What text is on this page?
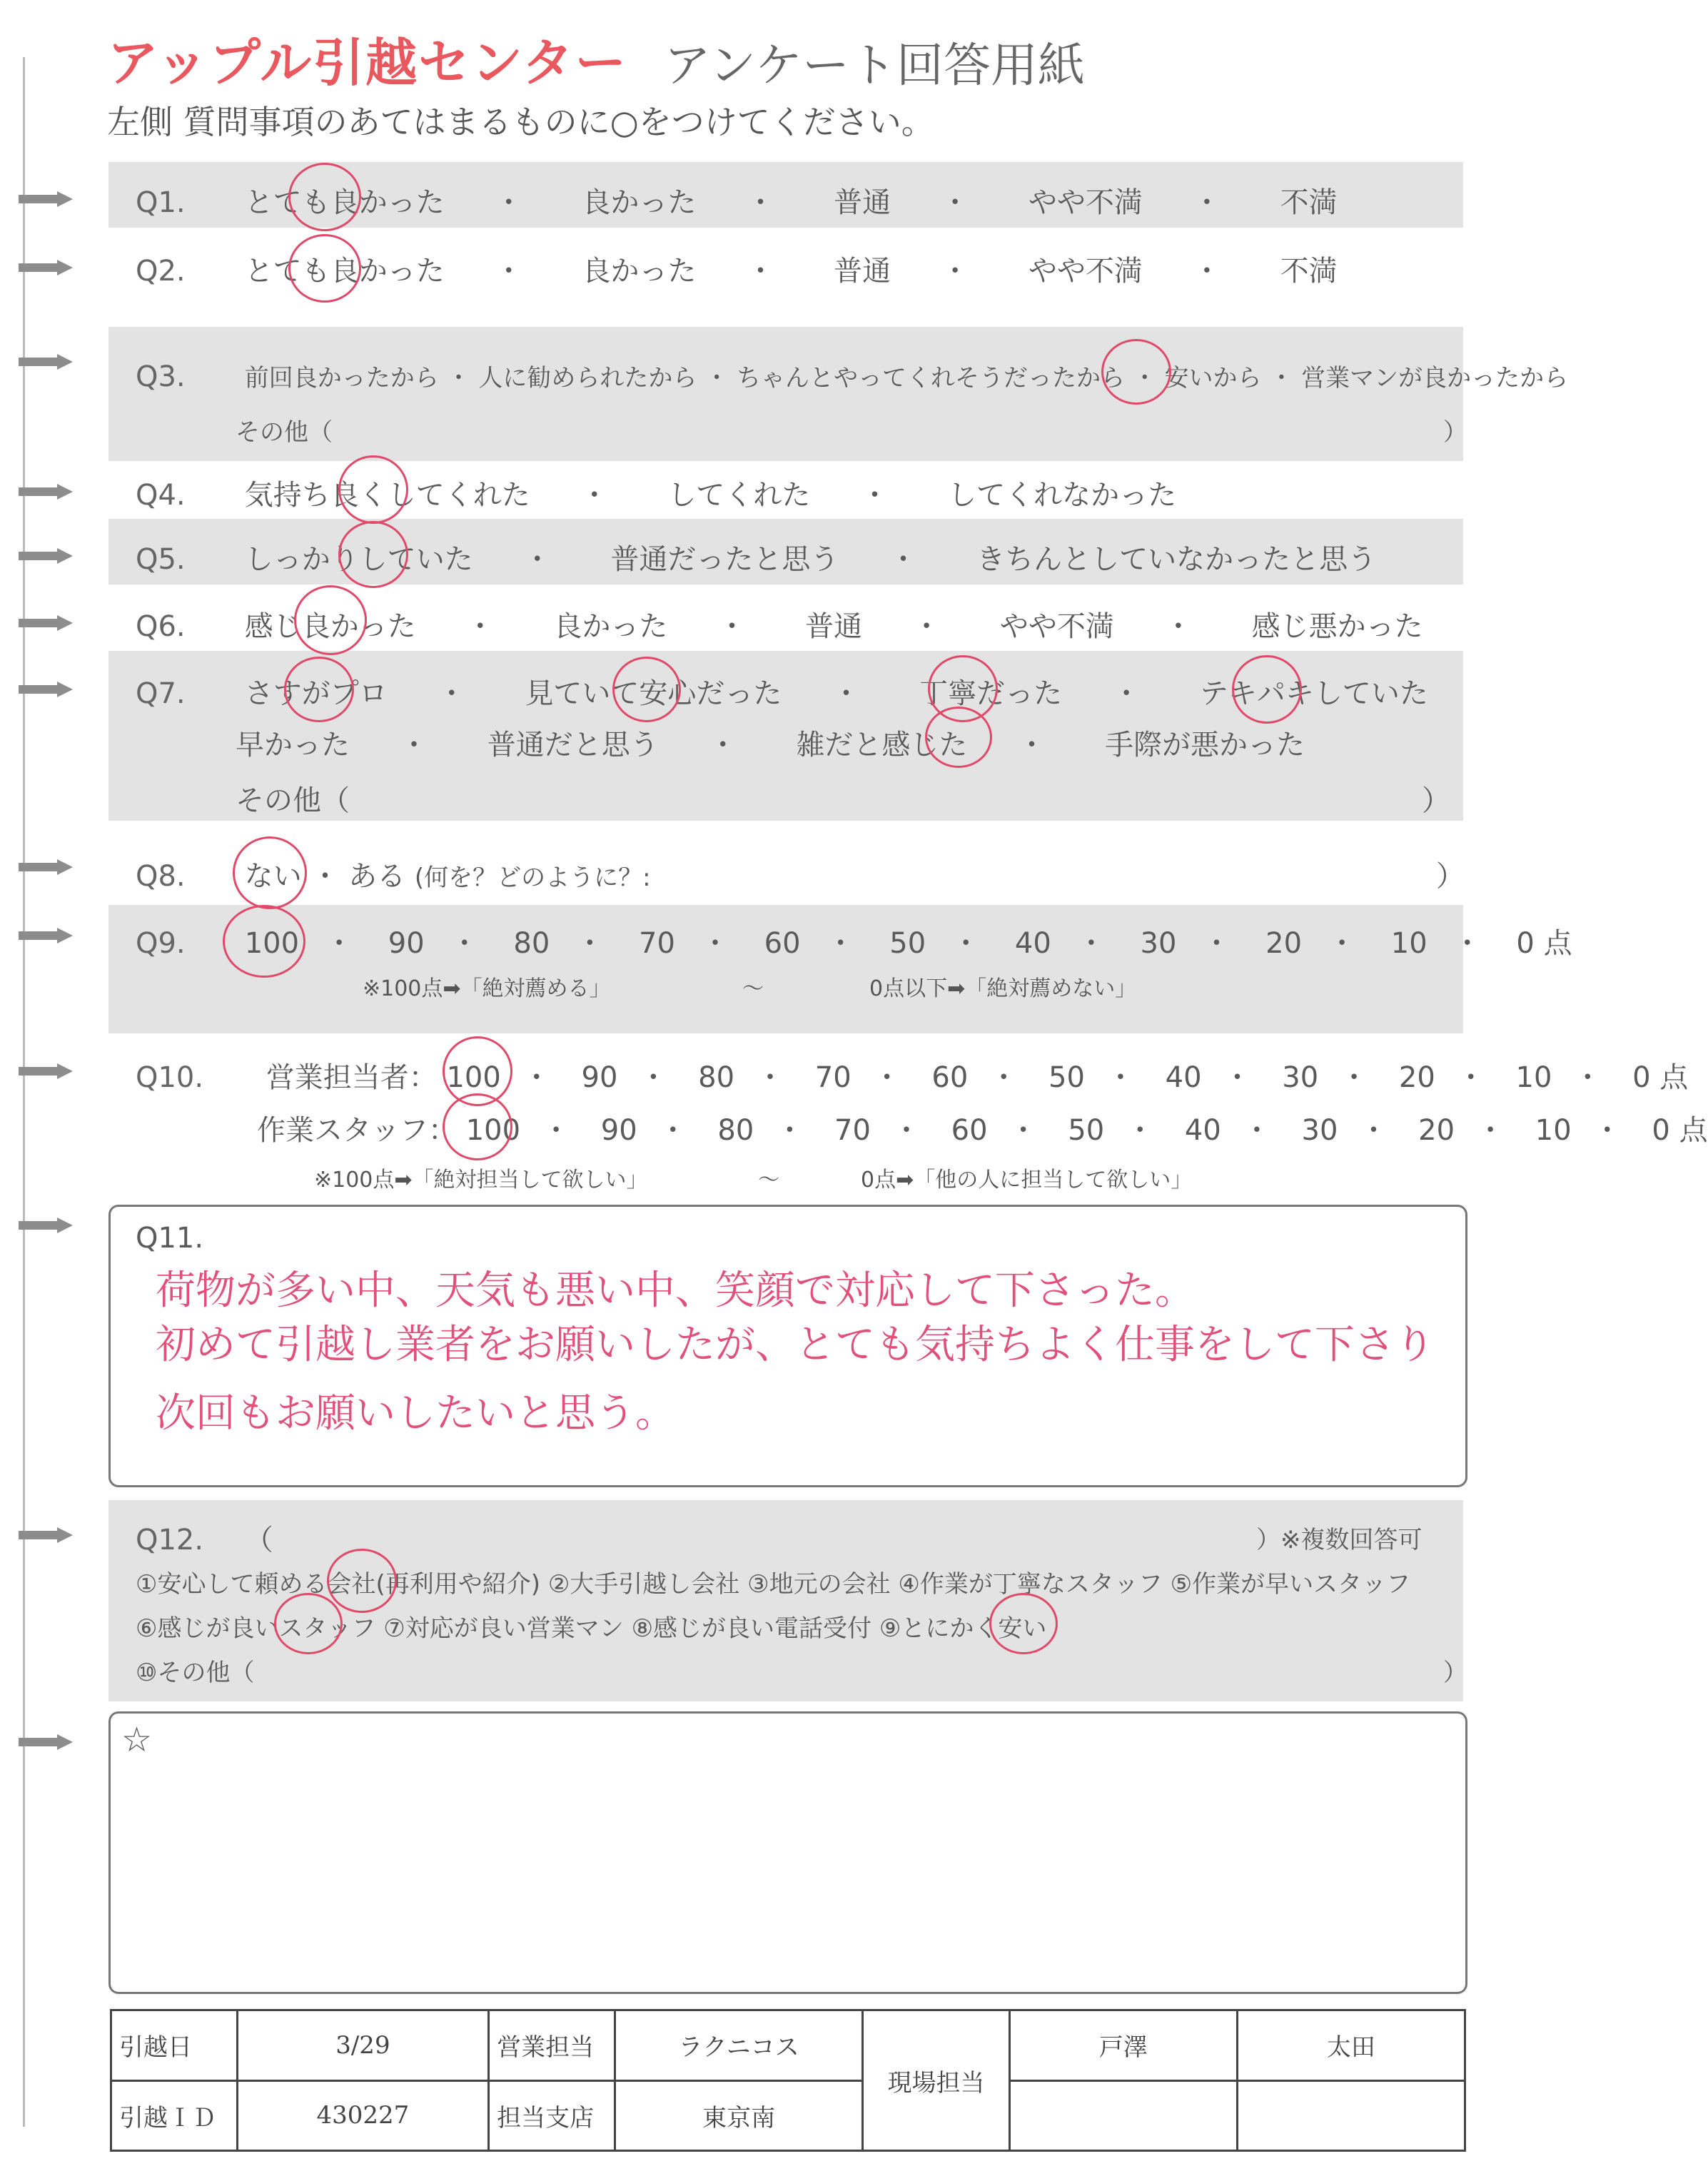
アップル引越センター アンケート回答用紙
左側 質問事項のあてはまるものに○をつけてください。
Q1. とても良かった ・ 良かった ・ 普通 ・ やや不満 ・ 不満
Q2. とても良かった ・ 良かった ・ 普通 ・ やや不満 ・ 不満
Q3. 前回良かったから ・ 人に勧められたから ・ ちゃんとやってくれそうだったから ・ 安いから ・ 営業マンが良かったから
その他（	）
Q4. 気持ち良くしてくれた ・ してくれた ・ してくれなかった
Q5. しっかりしていた ・ 普通だったと思う ・ きちんとしていなかったと思う
Q6. 感じ良かった ・ 良かった ・ 普通 ・ やや不満 ・ 感じ悪かった
Q7. さすがプロ ・ 見ていて安心だった ・ 丁寧だった ・ テキパキしていた
早かった ・ 普通だと思う ・ 雑だと感じた ・ 手際が悪かった
その他（	）
Q8. ない ・ ある (何を？どのように？:	）
Q9. 100 ・ 90 ・ 80 ・ 70 ・ 60 ・ 50 ・ 40 ・ 30 ・ 20 ・ 10 ・ 0 点
※100点➡「絶対薦める」	～	0点以下➡「絶対薦めない」
Q10. 営業担当者： 100 ・ 90 ・ 80 ・ 70 ・ 60 ・ 50 ・ 40 ・ 30 ・ 20 ・ 10 ・ 0 点
作業スタッフ： 100 ・ 90 ・ 80 ・ 70 ・ 60 ・ 50 ・ 40 ・ 30 ・ 20 ・ 10 ・ 0 点
※100点➡「絶対担当して欲しい」	～	0点➡「他の人に担当して欲しい」
Q11.
荷物が多い中、天気も悪い中、笑顔で対応して下さった。
初めて引越し業者をお願いしたが、とても気持ちよく仕事をして下さり
次回もお願いしたいと思う。
Q12. （	）※複数回答可
①安心して頼める会社(再利用や紹介) ②大手引越し会社 ③地元の会社 ④作業が丁寧なスタッフ ⑤作業が早いスタッフ
⑥感じが良いスタッフ ⑦対応が良い営業マン ⑧感じが良い電話受付 ⑨とにかく安い
⑩その他（	）
☆
引越日	3/29	営業担当	ラクニコス	現場担当	戸澤	太田
引越ＩＤ	430227	担当支店	東京南			
